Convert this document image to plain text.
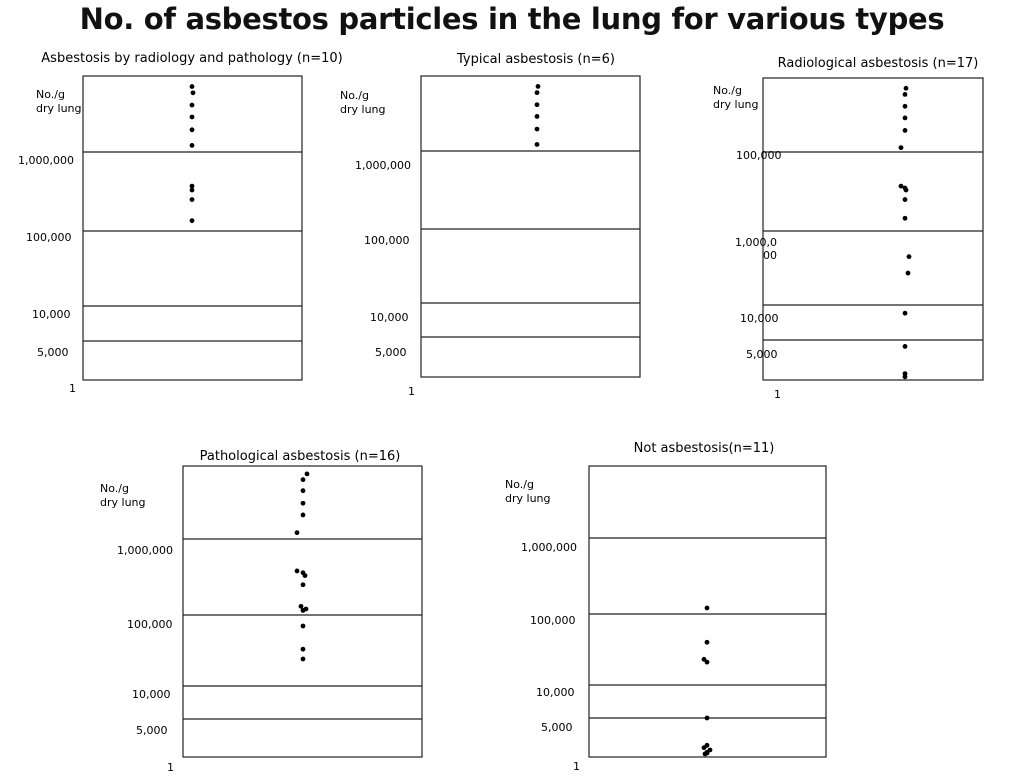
No. of asbestos particles in the lung for various types
Asbestosis by radiology and pathology (n=10)
No./g
dry lung
1
5,000
10,000
100,000
1,000,000
Typical asbestosis (n=6)
No./g
dry lung
1
5,000
10,000
100,000
1,000,000
Radiological asbestosis (n=17)
No./g
dry lung
1
5,000
10,000
1,000,0
00
100,000
Pathological asbestosis (n=16)
No./g
dry lung
1
5,000
10,000
100,000
1,000,000
Not asbestosis(n=11)
No./g
dry lung
1
5,000
10,000
100,000
1,000,000
